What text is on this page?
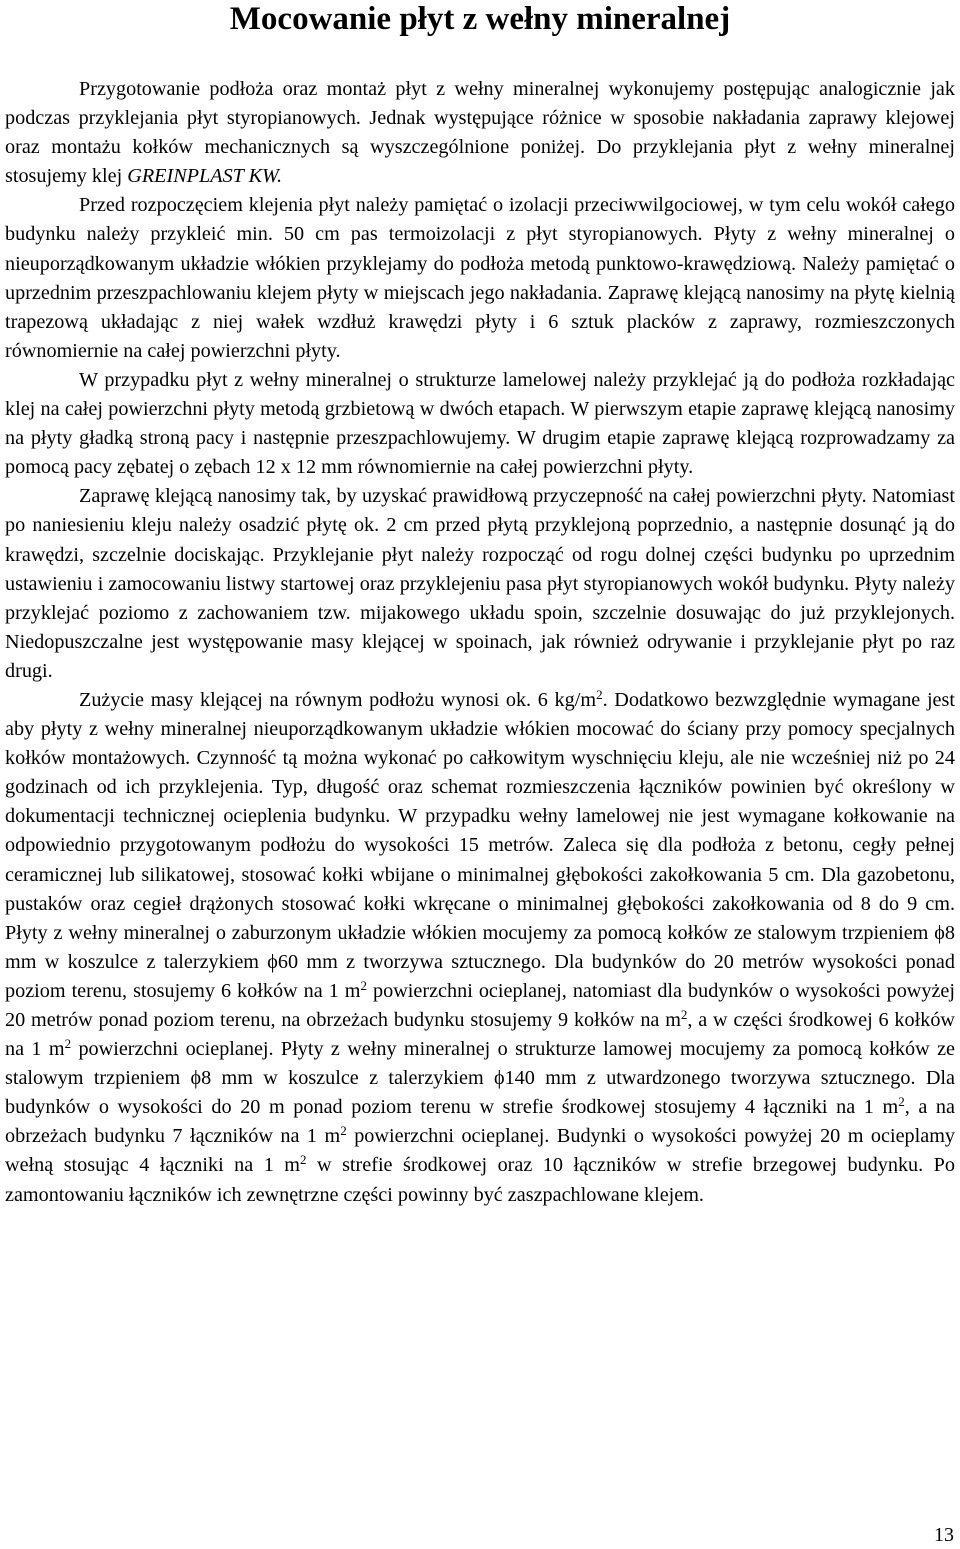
Mocowanie płyt z wełny mineralnej

Przygotowanie podłoża oraz montaż płyt z wełny mineralnej wykonujemy postępując analogicznie jak podczas przyklejania płyt styropianowych. Jednak występujące różnice w sposobie nakładania zaprawy klejowej oraz montażu kołków mechanicznych są wyszczególnione poniżej. Do przyklejania płyt z wełny mineralnej stosujemy klej GREINPLAST KW.

Przed rozpoczęciem klejenia płyt należy pamiętać o izolacji przeciwwilgociowej, w tym celu wokół całego budynku należy przykleić min. 50 cm pas termoizolacji z płyt styropianowych. Płyty z wełny mineralnej o nieuporządkowanym układzie włókien przyklejamy do podłoża metodą punktowo-krawędziową. Należy pamiętać o uprzednim przeszpachlowaniu klejem płyty w miejscach jego nakładania. Zaprawę klejącą nanosimy na płytę kielnią trapezową układając z niej wałek wzdłuż krawędzi płyty i 6 sztuk placków z zaprawy, rozmieszczonych równomiernie na całej powierzchni płyty.

W przypadku płyt z wełny mineralnej o strukturze lamelowej należy przyklejać ją do podłoża rozkładając klej na całej powierzchni płyty metodą grzbietową w dwóch etapach. W pierwszym etapie zaprawę klejącą nanosimy na płyty gładką stroną pacy i następnie przeszpachlowujemy. W drugim etapie zaprawę klejącą rozprowadzamy za pomocą pacy zębatej o zębach 12 x 12 mm równomiernie na całej powierzchni płyty.

Zaprawę klejącą nanosimy tak, by uzyskać prawidłową przyczepność na całej powierzchni płyty. Natomiast po naniesieniu kleju należy osadzić płytę ok. 2 cm przed płytą przyklejoną poprzednio, a następnie dosunąć ją do krawędzi, szczelnie dociskając. Przyklejanie płyt należy rozpocząć od rogu dolnej części budynku po uprzednim ustawieniu i zamocowaniu listwy startowej oraz przyklejeniu pasa płyt styropianowych wokół budynku. Płyty należy przyklejać poziomo z zachowaniem tzw. mijakowego układu spoin, szczelnie dosuwając do już przyklejonych. Niedopuszczalne jest występowanie masy klejącej w spoinach, jak również odrywanie i przyklejanie płyt po raz drugi.

Zużycie masy klejącej na równym podłożu wynosi ok. 6 $kg/m^2$. Dodatkowo bezwzględnie wymagane jest aby płyty z wełny mineralnej nieuporządkowanym układzie włókien mocować do ściany przy pomocy specjalnych kołków montażowych. Czynność tą można wykonać po całkowitym wyschnięciu kleju, ale nie wcześniej niż po 24 godzinach od ich przyklejenia. Typ, długość oraz schemat rozmieszczenia łączników powinien być określony w dokumentacji technicznej ocieplenia budynku. W przypadku wełny lamelowej nie jest wymagane kołkowanie na odpowiednio przygotowanym podłożu do wysokości 15 metrów. Zaleca się dla podłoża z betonu, cegły pełnej ceramicznej lub silikatowej, stosować kołki wbijane o minimalnej głębokości zakołkowania 5 cm. Dla gazobetonu, pustaków oraz cegieł drążonych stosować kołki wkręcane o minimalnej głębokości zakołkowania od 8 do 9 cm. Płyty z wełny mineralnej o zaburzonym układzie włókien mocujemy za pomocą kołków ze stalowym trzpieniem ϕ8 mm w koszulce z talerzykiem ϕ60 mm z tworzywa sztucznego. Dla budynków do 20 metrów wysokości ponad poziom terenu, stosujemy 6 kołków na 1 $m^2$ powierzchni ocieplanej, natomiast dla budynków o wysokości powyżej 20 metrów ponad poziom terenu, na obrzeżach budynku stosujemy 9 kołków na $m^2$, a w części środkowej 6 kołków na 1 $m^2$ powierzchni ocieplanej. Płyty z wełny mineralnej o strukturze lamowej mocujemy za pomocą kołków ze stalowym trzpieniem ϕ8 mm w koszulce z talerzykiem ϕ140 mm z utwardzonego tworzywa sztucznego. Dla budynków o wysokości do 20 m ponad poziom terenu w strefie środkowej stosujemy 4 łączniki na 1 $m^2$, a na obrzeżach budynku 7 łączników na 1 $m^2$ powierzchni ocieplanej. Budynki o wysokości powyżej 20 m ocieplamy wełną stosując 4 łączniki na 1 $m^2$ w strefie środkowej oraz 10 łączników w strefie brzegowej budynku. Po zamontowaniu łączników ich zewnętrzne części powinny być zaszpachlowane klejem.

13
